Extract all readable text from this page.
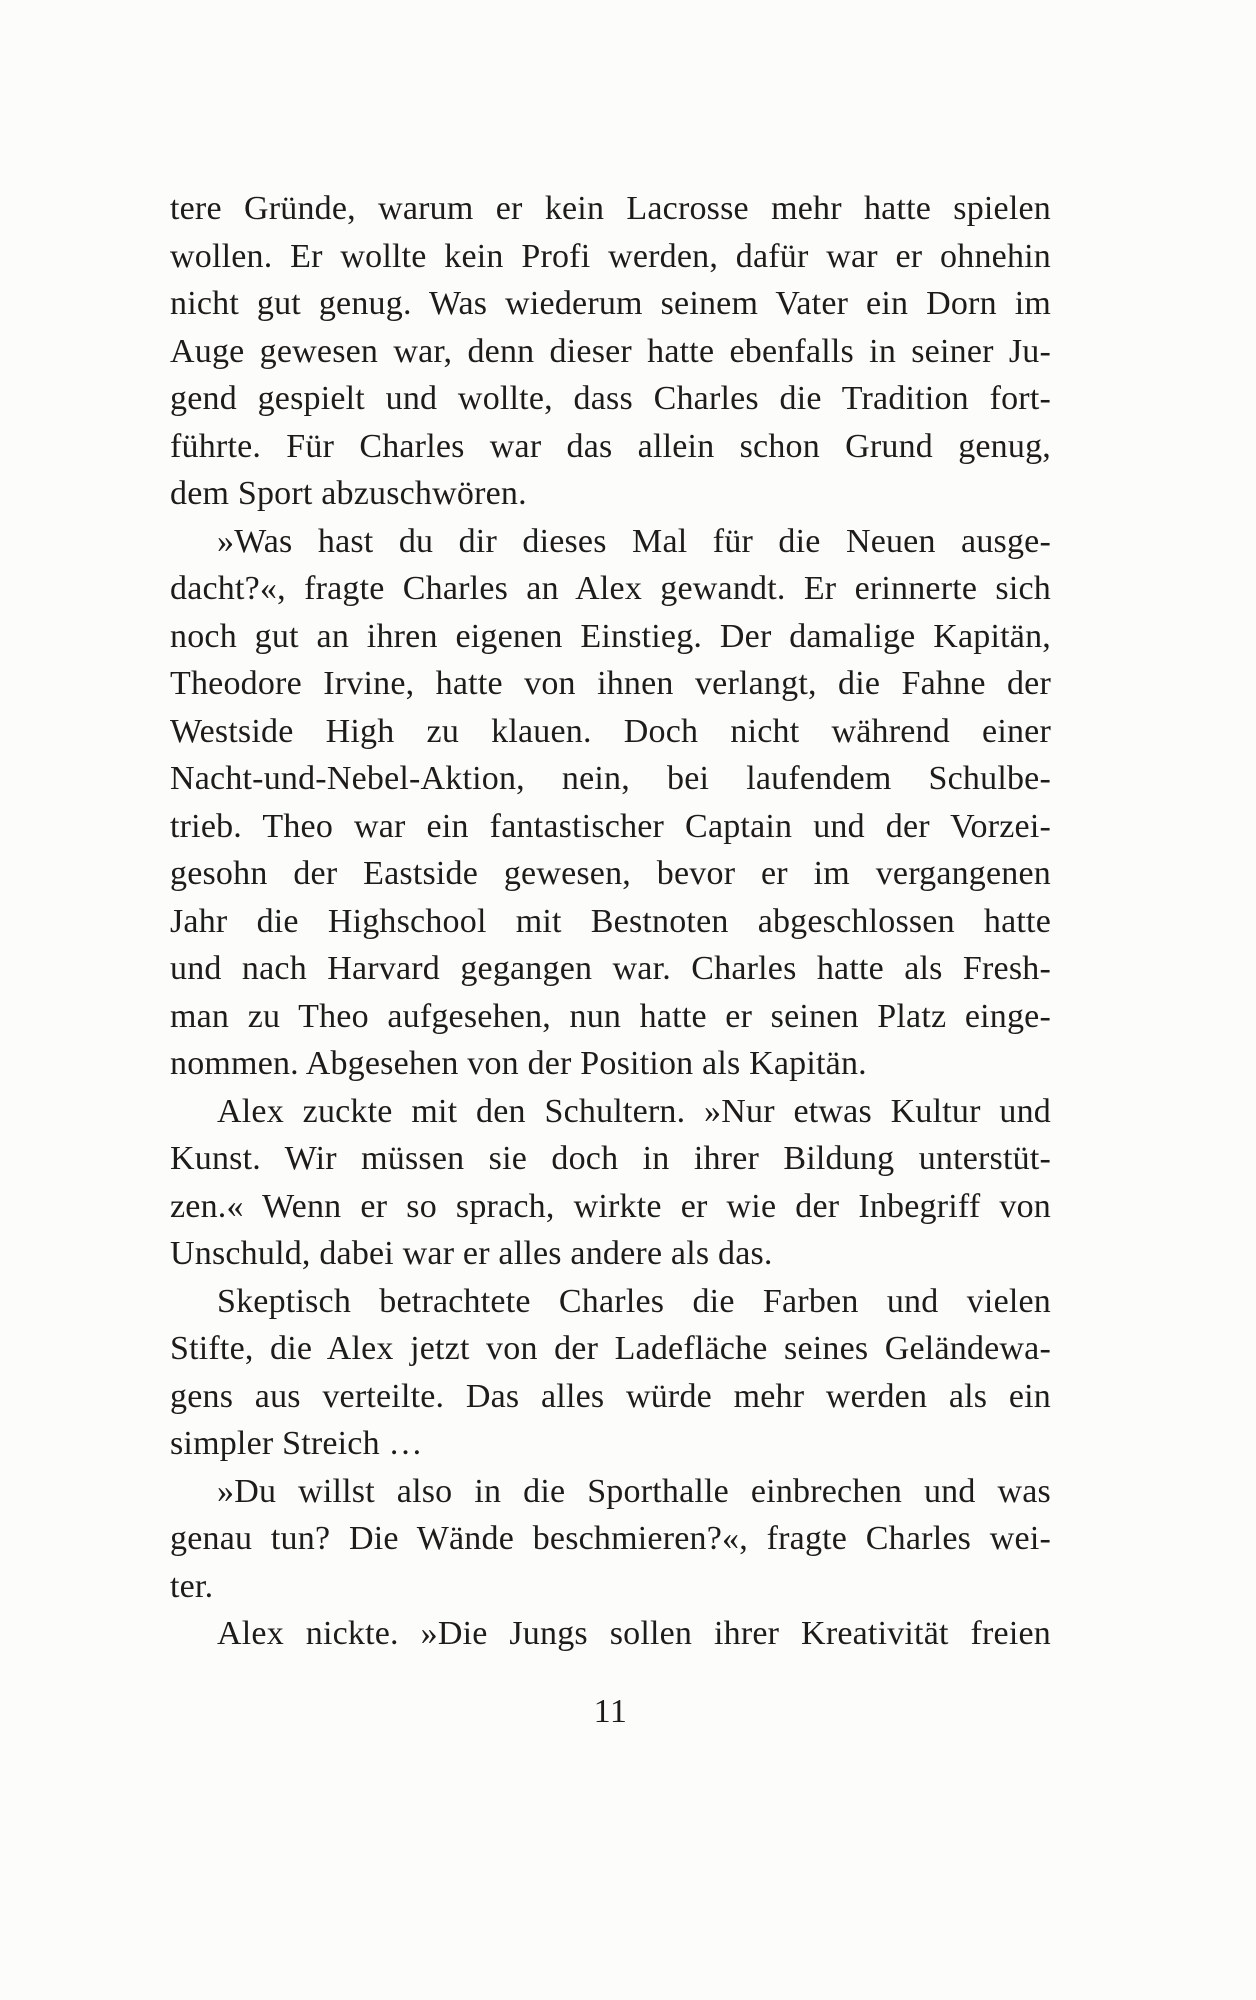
tere Gründe, warum er kein Lacrosse mehr hatte spielen
wollen. Er wollte kein Profi werden, dafür war er ohnehin
nicht gut genug. Was wiederum seinem Vater ein Dorn im
Auge gewesen war, denn dieser hatte ebenfalls in seiner Ju-
gend gespielt und wollte, dass Charles die Tradition fort-
führte. Für Charles war das allein schon Grund genug,
dem Sport abzuschwören.
»Was hast du dir dieses Mal für die Neuen ausge-
dacht?«, fragte Charles an Alex gewandt. Er erinnerte sich
noch gut an ihren eigenen Einstieg. Der damalige Kapitän,
Theodore Irvine, hatte von ihnen verlangt, die Fahne der
Westside High zu klauen. Doch nicht während einer
Nacht-und-Nebel-Aktion, nein, bei laufendem Schulbe-
trieb. Theo war ein fantastischer Captain und der Vorzei-
gesohn der Eastside gewesen, bevor er im vergangenen
Jahr die Highschool mit Bestnoten abgeschlossen hatte
und nach Harvard gegangen war. Charles hatte als Fresh-
man zu Theo aufgesehen, nun hatte er seinen Platz einge-
nommen. Abgesehen von der Position als Kapitän.
Alex zuckte mit den Schultern. »Nur etwas Kultur und
Kunst. Wir müssen sie doch in ihrer Bildung unterstüt-
zen.« Wenn er so sprach, wirkte er wie der Inbegriff von
Unschuld, dabei war er alles andere als das.
Skeptisch betrachtete Charles die Farben und vielen
Stifte, die Alex jetzt von der Ladefläche seines Geländewa-
gens aus verteilte. Das alles würde mehr werden als ein
simpler Streich …
»Du willst also in die Sporthalle einbrechen und was
genau tun? Die Wände beschmieren?«, fragte Charles wei-
ter.
Alex nickte. »Die Jungs sollen ihrer Kreativität freien
11
